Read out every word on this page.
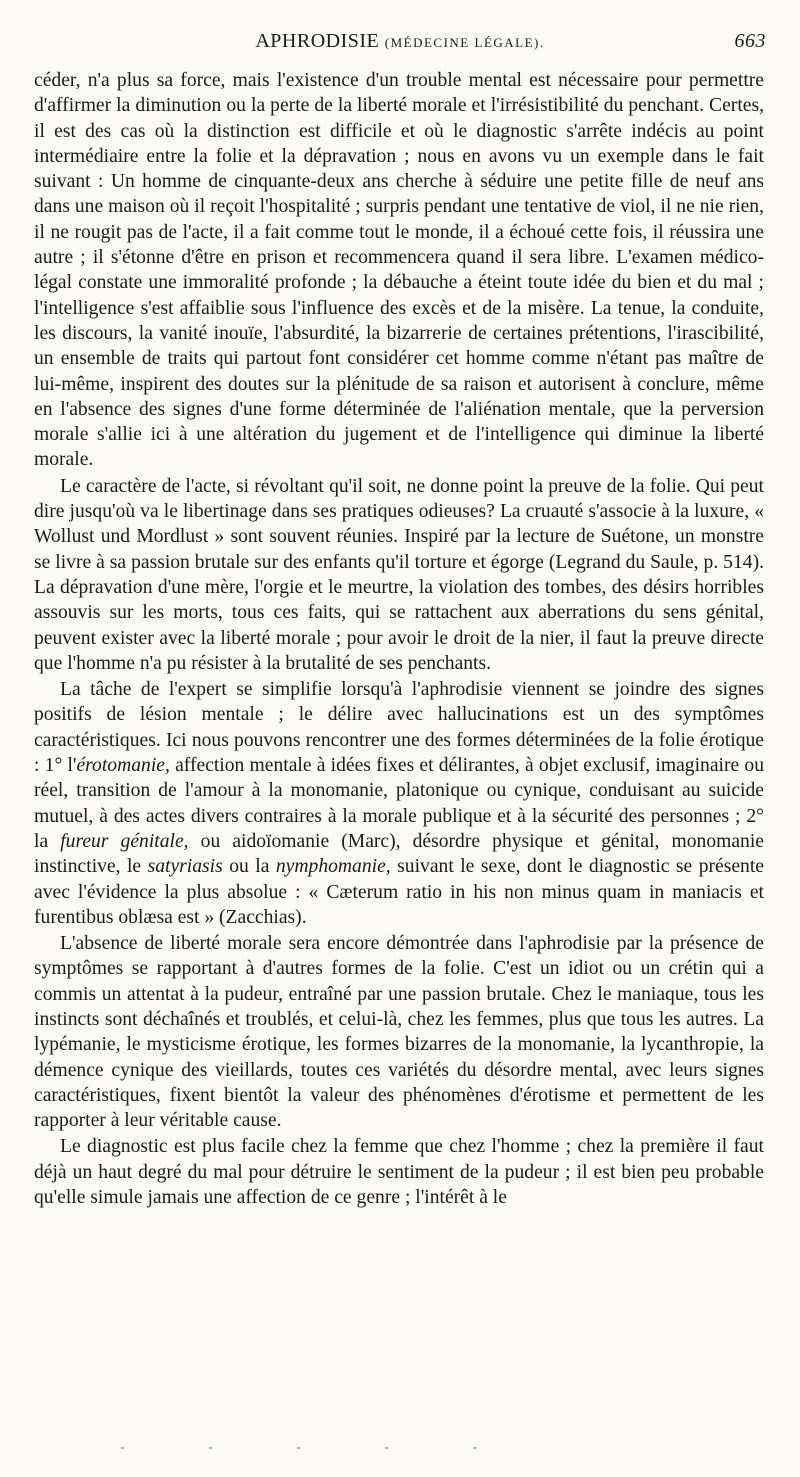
APHRODISIE (MÉDECINE LÉGALE).	663

céder, n'a plus sa force, mais l'existence d'un trouble mental est nécessaire pour permettre d'affirmer la diminution ou la perte de la liberté morale et l'irrésistibilité du penchant. Certes, il est des cas où la distinction est difficile et où le diagnostic s'arrête indécis au point intermédiaire entre la folie et la dépravation ; nous en avons vu un exemple dans le fait suivant : Un homme de cinquante-deux ans cherche à séduire une petite fille de neuf ans dans une maison où il reçoit l'hospitalité ; surpris pendant une tentative de viol, il ne nie rien, il ne rougit pas de l'acte, il a fait comme tout le monde, il a échoué cette fois, il réussira une autre ; il s'étonne d'être en prison et recommencera quand il sera libre. L'examen médico-légal constate une immoralité profonde ; la débauche a éteint toute idée du bien et du mal ; l'intelligence s'est affaiblie sous l'influence des excès et de la misère. La tenue, la conduite, les discours, la vanité inouïe, l'absurdité, la bizarrerie de certaines prétentions, l'irascibilité, un ensemble de traits qui partout font considérer cet homme comme n'étant pas maître de lui-même, inspirent des doutes sur la plénitude de sa raison et autorisent à conclure, même en l'absence des signes d'une forme déterminée de l'aliénation mentale, que la perversion morale s'allie ici à une altération du jugement et de l'intelligence qui diminue la liberté morale.

Le caractère de l'acte, si révoltant qu'il soit, ne donne point la preuve de la folie. Qui peut dire jusqu'où va le libertinage dans ses pratiques odieuses? La cruauté s'associe à la luxure, « Wollust und Mordlust » sont souvent réunies. Inspiré par la lecture de Suétone, un monstre se livre à sa passion brutale sur des enfants qu'il torture et égorge (Legrand du Saule, p. 514). La dépravation d'une mère, l'orgie et le meurtre, la violation des tombes, des désirs horribles assouvis sur les morts, tous ces faits, qui se rattachent aux aberrations du sens génital, peuvent exister avec la liberté morale ; pour avoir le droit de la nier, il faut la preuve directe que l'homme n'a pu résister à la brutalité de ses penchants.

La tâche de l'expert se simplifie lorsqu'à l'aphrodisie viennent se joindre des signes positifs de lésion mentale ; le délire avec hallucinations est un des symptômes caractéristiques. Ici nous pouvons rencontrer une des formes déterminées de la folie érotique : 1° l'érotomanie, affection mentale à idées fixes et délirantes, à objet exclusif, imaginaire ou réel, transition de l'amour à la monomanie, platonique ou cynique, conduisant au suicide mutuel, à des actes divers contraires à la morale publique et à la sécurité des personnes ; 2° la fureur génitale, ou aidoïomanie (Marc), désordre physique et génital, monomanie instinctive, le satyriasis ou la nymphomanie, suivant le sexe, dont le diagnostic se présente avec l'évidence la plus absolue : « Cæterum ratio in his non minus quam in maniacis et furentibus oblæsa est » (Zacchias).

L'absence de liberté morale sera encore démontrée dans l'aphrodisie par la présence de symptômes se rapportant à d'autres formes de la folie. C'est un idiot ou un crétin qui a commis un attentat à la pudeur, entraîné par une passion brutale. Chez le maniaque, tous les instincts sont déchaînés et troublés, et celui-là, chez les femmes, plus que tous les autres. La lypémanie, le mysticisme érotique, les formes bizarres de la monomanie, la lycanthropie, la démence cynique des vieillards, toutes ces variétés du désordre mental, avec leurs signes caractéristiques, fixent bientôt la valeur des phénomènes d'érotisme et permettent de les rapporter à leur véritable cause.

Le diagnostic est plus facile chez la femme que chez l'homme ; chez la première il faut déjà un haut degré du mal pour détruire le sentiment de la pudeur ; il est bien peu probable qu'elle simule jamais une affection de ce genre ; l'intérêt à le

- - - - -
